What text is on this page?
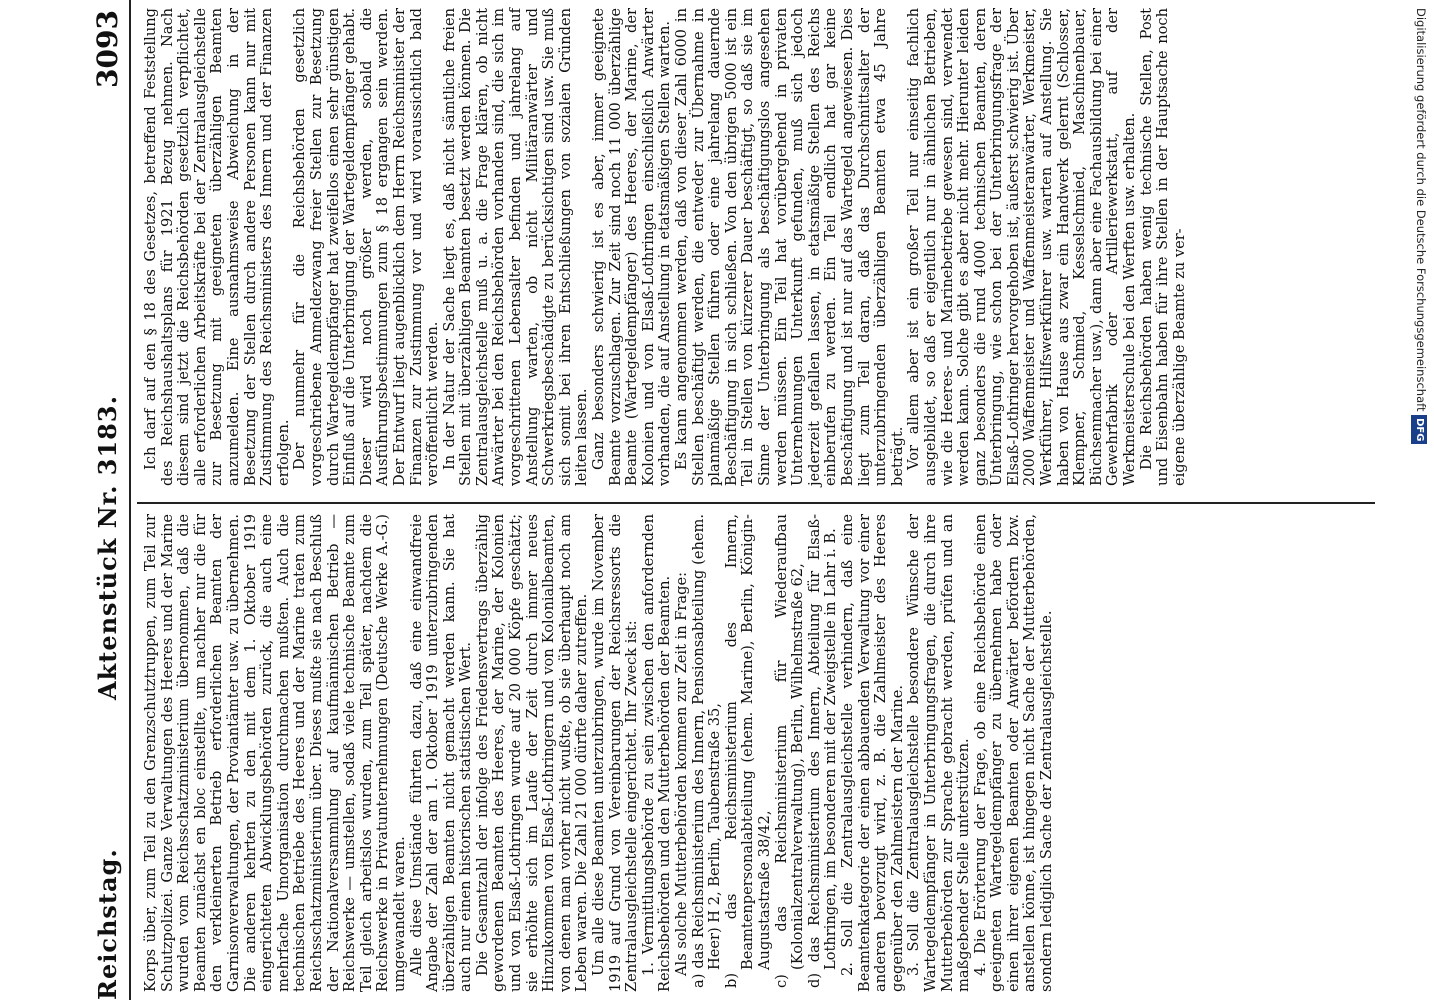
Reichstag.
Aktenstück Nr. 3183.
3093

Korps über, zum Teil zu den Grenzschutztruppen, zum Teil zur Schutzpolizei. Ganze Verwaltungen des Heeres und der Marine wurden vom Reichsschatzministerium übernommen, daß die Beamten zunächst en bloc einstellte, um nachher nur die für den verkleinerten Betrieb erforderlichen Beamten der Garnisonverwaltungen, der Proviantämter usw. zu übernehmen. Die anderen kehrten zu den mit dem 1. Oktober 1919 eingerichteten Abwicklungsbehörden zurück, die auch eine mehrfache Umorganisation durchmachen mußten. Auch die technischen Betriebe des Heeres und der Marine traten zum Reichsschatzministerium über. Dieses mußte sie nach Beschluß der Nationalversammlung auf kaufmännischen Betrieb — Reichswerke — umstellen, sodaß viele technische Beamte zum Teil gleich arbeitslos wurden, zum Teil später, nachdem die Reichswerke in Privatunternehmungen (Deutsche Werke A.-G.) umgewandelt waren. Alle diese Umstände führten dazu, daß eine einwandfreie Angabe der Zahl der am 1. Oktober 1919 unterzubringenden überzähligen Beamten nicht gemacht werden kann. Sie hat auch nur einen historischen statistischen Wert. Die Gesamtzahl der infolge des Friedensvertrags überzählig gewordenen Beamten des Heeres, der Marine, der Kolonien und von Elsaß-Lothringen wurde auf 20 000 Köpfe geschätzt; sie erhöhte sich im Laufe der Zeit durch immer neues Hinzukommen von Elsaß-Lothringern und von Kolonialbeamten, von denen man vorher nicht wußte, ob sie überhaupt noch am Leben waren. Die Zahl 21 000 dürfte daher zutreffen. Um alle diese Beamten unterzubringen, wurde im November 1919 auf Grund von Vereinbarungen der Reichsressorts die Zentralausgleichstelle eingerichtet. Ihr Zweck ist: 1. Vermittlungsbehörde zu sein zwischen den anfordernden Reichsbehörden und den Mutterbehörden der Beamten. Als solche Mutterbehörden kommen zur Zeit in Frage: a) das Reichsministerium des Innern, Pensionsabteilung (ehem. Heer) H 2, Berlin, Taubenstraße 35, b) das Reichsministerium des Innern, Beamtenpersonalabteilung (ehem. Marine), Berlin, Königin-Augustastraße 38/42, c) das Reichsministerium für Wiederaufbau (Kolonialzentralverwaltung), Berlin, Wilhelmstraße 62, d) das Reichsministerium des Innern, Abteilung für Elsaß-Lothringen, im besonderen mit der Zweigstelle in Lahr i. B. 2. Soll die Zentralausgleichstelle verhindern, daß eine Beamtenkategorie der einen abbauenden Verwaltung vor einer anderen bevorzugt wird, z. B. die Zahlmeister des Heeres gegenüber den Zahlmeistern der Marine. 3. Soll die Zentralausgleichstelle besondere Wünsche der Wartegeldempfänger in Unterbringungsfragen, die durch ihre Mutterbehörden zur Sprache gebracht werden, prüfen und an maßgebender Stelle unterstützen. 4. Die Erörterung der Frage, ob eine Reichsbehörde einen geeigneten Wartegeldempfänger zu übernehmen habe oder einen ihrer eigenen Beamten oder Anwärter befördern bzw. anstellen könne, ist hingegen nicht Sache der Mutterbehörden, sondern lediglich Sache der Zentralausgleichstelle.

Ich darf auf den § 18 des Gesetzes, betreffend Feststellung des Reichshaushaltsplans für 1921 Bezug nehmen. Nach diesem sind jetzt die Reichsbehörden gesetzlich verpflichtet, alle erforderlichen Arbeitskräfte bei der Zentralausgleichstelle zur Besetzung mit geeigneten überzähligen Beamten anzumelden. Eine ausnahmsweise Abweichung in der Besetzung der Stellen durch andere Personen kann nur mit Zustimmung des Reichsministers des Innern und der Finanzen erfolgen. Der nunmehr für die Reichsbehörden gesetzlich vorgeschriebene Anmeldezwang freier Stellen zur Besetzung durch Wartegeldempfänger hat zweifellos einen sehr günstigen Einfluß auf die Unterbringung der Wartegeldempfänger gehabt. Dieser wird noch größer werden, sobald die Ausführungsbestimmungen zum § 18 ergangen sein werden. Der Entwurf liegt augenblicklich dem Herrn Reichsminister der Finanzen zur Zustimmung vor und wird voraussichtlich bald veröffentlicht werden. In der Natur der Sache liegt es, daß nicht sämtliche freien Stellen mit überzähligen Beamten besetzt werden können. Die Zentralausgleichstelle muß u. a. die Frage klären, ob nicht Anwärter bei den Reichsbehörden vorhanden sind, die sich im vorgeschrittenen Lebensalter befinden und jahrelang auf Anstellung warten, ob nicht Militäranwärter und Schwerkriegsbeschädigte zu berücksichtigen sind usw. Sie muß sich somit bei ihren Entschließungen von sozialen Gründen leiten lassen. Ganz besonders schwierig ist es aber, immer geeignete Beamte vorzuschlagen. Zur Zeit sind noch 11 000 überzählige Beamte (Wartegeldempfänger) des Heeres, der Marine, der Kolonien und von Elsaß-Lothringen einschließlich Anwärter vorhanden, die auf Anstellung in etatsmäßigen Stellen warten. Es kann angenommen werden, daß von dieser Zahl 6000 in Stellen beschäftigt werden, die entweder zur Übernahme in planmäßige Stellen führen oder eine jahrelang dauernde Beschäftigung in sich schließen. Von den übrigen 5000 ist ein Teil in Stellen von kürzerer Dauer beschäftigt, so daß sie im Sinne der Unterbringung als beschäftigungslos angesehen werden müssen. Ein Teil hat vorübergehend in privaten Unternehmungen Unterkunft gefunden, muß sich jedoch jederzeit gefallen lassen, in etatsmäßige Stellen des Reichs einberufen zu werden. Ein Teil endlich hat gar keine Beschäftigung und ist nur auf das Wartegeld angewiesen. Dies liegt zum Teil daran, daß das Durchschnittsalter der unterzubringenden überzähligen Beamten etwa 45 Jahre beträgt. Vor allem aber ist ein großer Teil nur einseitig fachlich ausgebildet, so daß er eigentlich nur in ähnlichen Betrieben, wie die Heeres- und Marinebetriebe gewesen sind, verwendet werden kann. Solche gibt es aber nicht mehr. Hierunter leiden ganz besonders die rund 4000 technischen Beamten, deren Unterbringung, wie schon bei der Unterbringungsfrage der Elsaß-Lothringer hervorgehoben ist, äußerst schwierig ist. Über 2000 Waffenmeister und Waffenmeisteranwärter, Werkmeister, Werkführer, Hilfswerkführer usw. warten auf Anstellung. Sie haben von Hause aus zwar ein Handwerk gelernt (Schlosser, Klempner, Schmied, Kesselschmied, Maschinenbauer, Büchsenmacher usw.), dann aber eine Fachausbildung bei einer Gewehrfabrik oder Artilleriewerkstatt, auf der Werkmeisterschule bei den Werften usw. erhalten. Die Reichsbehörden haben wenig technische Stellen, Post und Eisenbahn haben für ihre Stellen in der Hauptsache noch eigene überzählige Beamte zu ver-	Digitalisierung gefördert durch die Deutsche Forschungsgemeinschaft DFG
